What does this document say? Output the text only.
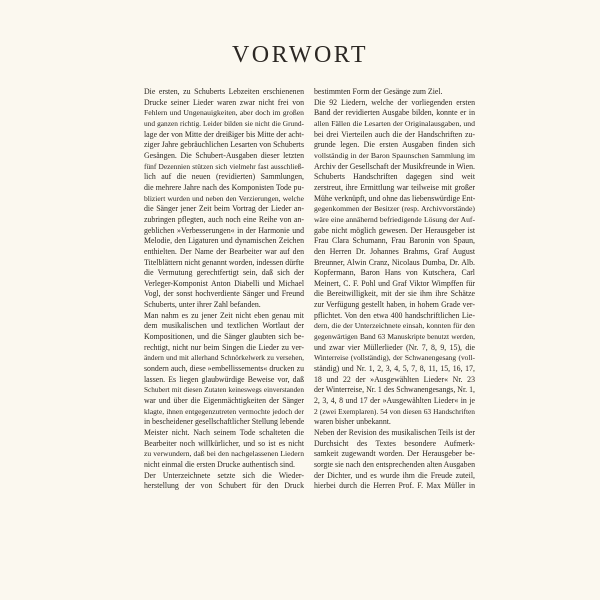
VORWORT
Die ersten, zu Schuberts Lebzeiten erschienenen
Drucke seiner Lieder waren zwar nicht frei von
Fehlern und Ungenauigkeiten, aber doch im großen
und ganzen richtig. Leider bilden sie nicht die Grund-
lage der von Mitte der dreißiger bis Mitte der acht-
ziger Jahre gebräuchlichen Lesarten von Schuberts
Gesängen. Die Schubert-Ausgaben dieser letzten
fünf Dezennien stützen sich vielmehr fast ausschließ-
lich auf die neuen (revidierten) Sammlungen,
die mehrere Jahre nach des Komponisten Tode pu-
bliziert wurden und neben den Verzierungen, welche
die Sänger jener Zeit beim Vortrag der Lieder an-
zubringen pflegten, auch noch eine Reihe von an-
geblichen »Verbesserungen« in der Harmonie und
Melodie, den Ligaturen und dynamischen Zeichen
enthielten. Der Name der Bearbeiter war auf den
Titelblättern nicht genannt worden, indessen dürfte
die Vermutung gerechtfertigt sein, daß sich der
Verleger-Komponist Anton Diabelli und Michael
Vogl, der sonst hochverdiente Sänger und Freund
Schuberts, unter ihrer Zahl befanden.
Man nahm es zu jener Zeit nicht eben genau mit
dem musikalischen und textlichen Wortlaut der
Kompositionen, und die Sänger glaubten sich be-
rechtigt, nicht nur beim Singen die Lieder zu ver-
ändern und mit allerhand Schnörkelwerk zu versehen,
sondern auch, diese »embellissements« drucken zu
lassen. Es liegen glaubwürdige Beweise vor, daß
Schubert mit diesen Zutaten keineswegs einverstanden
war und über die Eigenmächtigkeiten der Sänger
klagte, ihnen entgegenzutreten vermochte jedoch der
in bescheidener gesellschaftlicher Stellung lebende
Meister nicht. Nach seinem Tode schalteten die
Bearbeiter noch willkürlicher, und so ist es nicht
zu verwundern, daß bei den nachgelassenen Liedern
nicht einmal die ersten Drucke authentisch sind.
Der Unterzeichnete setzte sich die Wieder-
herstellung der von Schubert für den Druck
bestimmten Form der Gesänge zum Ziel.
Die 92 Liedern, welche der vorliegenden ersten
Band der revidierten Ausgabe bilden, konnte er in
allen Fällen die Lesarten der Originalausgaben, und
bei drei Vierteilen auch die der Handschriften zu-
grunde legen. Die ersten Ausgaben finden sich
vollständig in der Baron Spaunschen Sammlung im
Archiv der Gesellschaft der Musikfreunde in Wien.
Schuberts Handschriften dagegen sind weit
zerstreut, ihre Ermittlung war teilweise mit großer
Mühe verknüpft, und ohne das liebenswürdige Ent-
gegenkommen der Besitzer (resp. Archivvorstände)
wäre eine annähernd befriedigende Lösung der Auf-
gabe nicht möglich gewesen. Der Herausgeber ist
Frau Clara Schumann, Frau Baronin von Spaun,
den Herren Dr. Johannes Brahms, Graf August
Breunner, Alwin Cranz, Nicolaus Dumba, Dr. Alb.
Kopfermann, Baron Hans von Kutschera, Carl
Meinert, C. F. Pohl und Graf Viktor Wimpffen für
die Bereitwilligkeit, mit der sie ihm ihre Schätze
zur Verfügung gestellt haben, in hohem Grade ver-
pflichtet. Von den etwa 400 handschriftlichen Lie-
dern, die der Unterzeichnete einsah, konnten für den
gegenwärtigen Band 63 Manuskripte benutzt werden,
und zwar vier Müllerlieder (Nr. 7, 8, 9, 15), die
Winterreise (vollständig), der Schwanengesang (voll-
ständig) und Nr. 1, 2, 3, 4, 5, 7, 8, 11, 15, 16, 17,
18 und 22 der »Ausgewählten Lieder« Nr. 23
der Winterreise, Nr. 1 des Schwanengesangs, Nr. 1,
2, 3, 4, 8 und 17 der »Ausgewählten Lieder« in je
2 (zwei Exemplaren). 54 von diesen 63 Handschriften
waren bisher unbekannt.
Neben der Revision des musikalischen Teils ist der
Durchsicht des Textes besondere Aufmerk-
samkeit zugewandt worden. Der Herausgeber be-
sorgte sie nach den entsprechenden alten Ausgaben
der Dichter, und es wurde ihm die Freude zuteil,
hierbei durch die Herren Prof. F. Max Müller in
